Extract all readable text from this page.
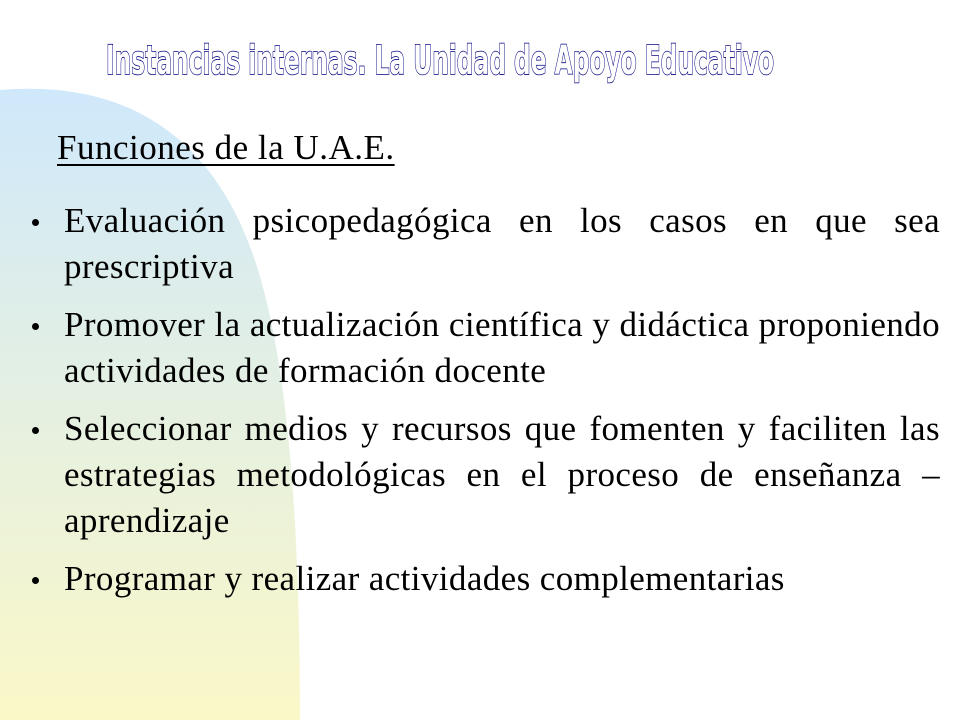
Instancias internas. La Unidad de Apoyo Educativo
Funciones de la U.A.E.
Evaluación psicopedagógica en los casos en que sea prescriptiva
Promover la actualización científica y didáctica proponiendo actividades de formación docente
Seleccionar medios y recursos que fomenten y faciliten las estrategias metodológicas en el proceso de enseñanza – aprendizaje
Programar y realizar actividades complementarias
